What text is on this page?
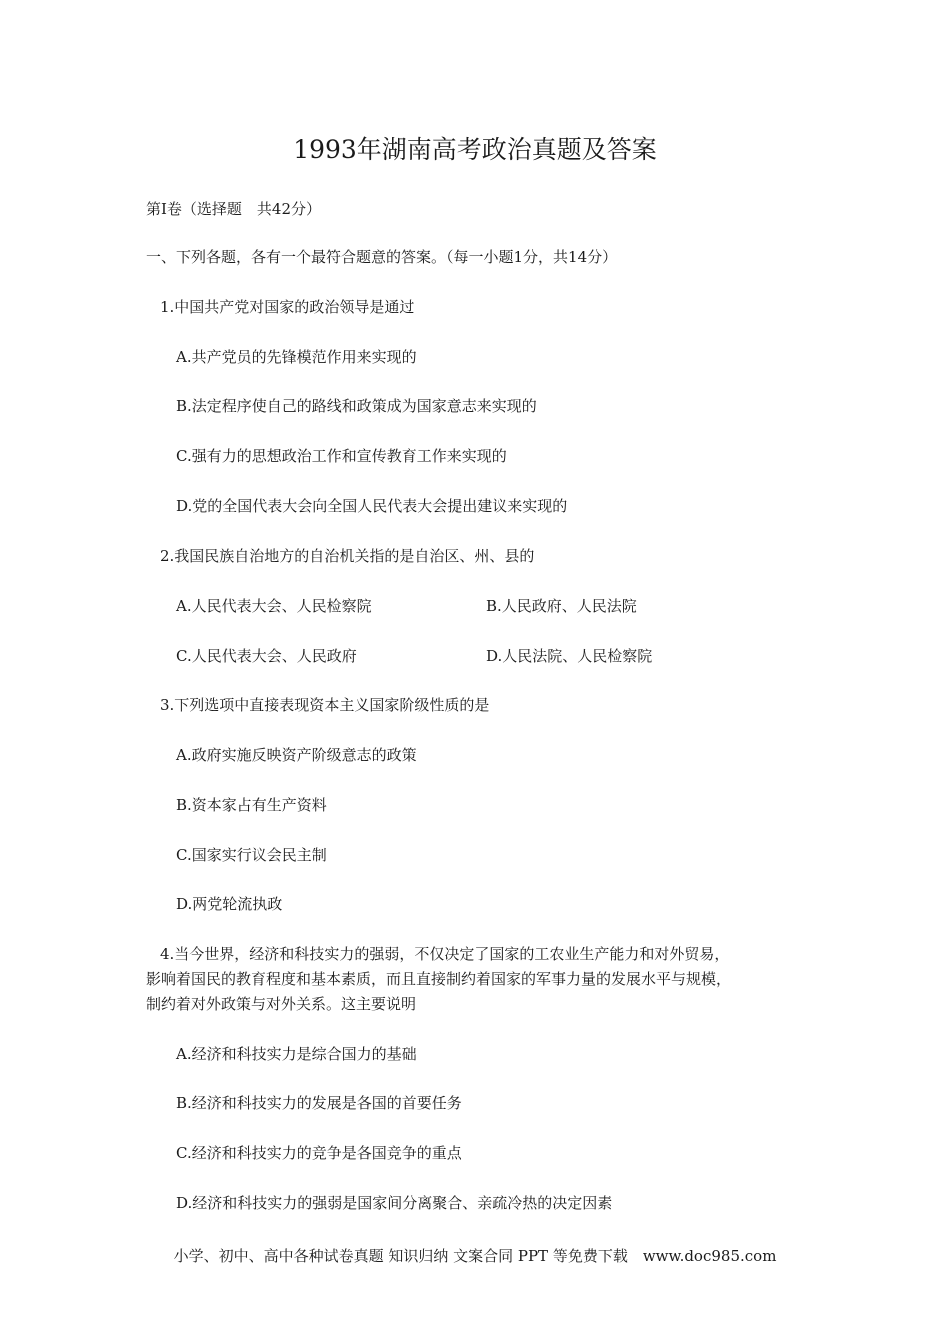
1993年湖南高考政治真题及答案
第Ⅰ卷（选择题　共42分）
一、下列各题，各有一个最符合题意的答案。（每一小题1分，共14分）
1.中国共产党对国家的政治领导是通过
A.共产党员的先锋模范作用来实现的
B.法定程序使自己的路线和政策成为国家意志来实现的
C.强有力的思想政治工作和宣传教育工作来实现的
D.党的全国代表大会向全国人民代表大会提出建议来实现的
2.我国民族自治地方的自治机关指的是自治区、州、县的
A.人民代表大会、人民检察院	B.人民政府、人民法院
C.人民代表大会、人民政府	D.人民法院、人民检察院
3.下列选项中直接表现资本主义国家阶级性质的是
A.政府实施反映资产阶级意志的政策
B.资本家占有生产资料
C.国家实行议会民主制
D.两党轮流执政
4.当今世界，经济和科技实力的强弱，不仅决定了国家的工农业生产能力和对外贸易，
影响着国民的教育程度和基本素质，而且直接制约着国家的军事力量的发展水平与规模，
制约着对外政策与对外关系。这主要说明
A.经济和科技实力是综合国力的基础
B.经济和科技实力的发展是各国的首要任务
C.经济和科技实力的竞争是各国竞争的重点
D.经济和科技实力的强弱是国家间分离聚合、亲疏冷热的决定因素
小学、初中、高中各种试卷真题 知识归纳 文案合同 PPT 等免费下载　www.doc985.com
